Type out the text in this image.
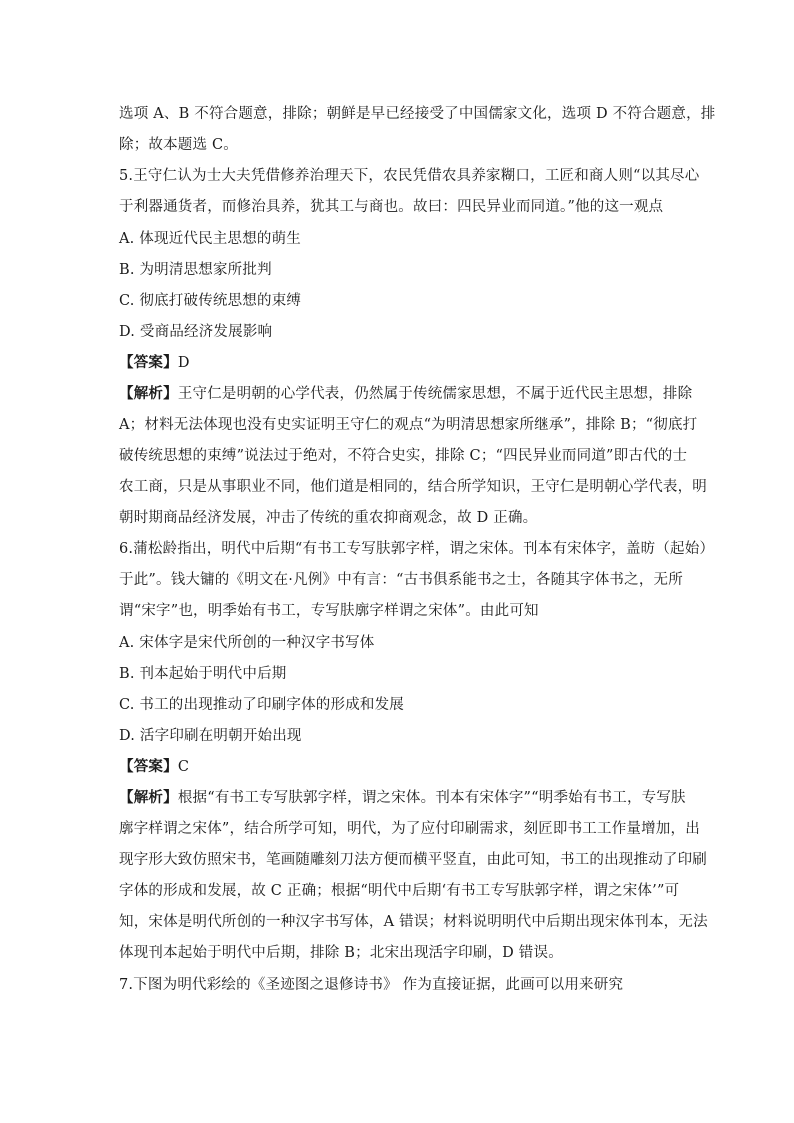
选项 A、B 不符合题意，排除；朝鲜是早已经接受了中国儒家文化，选项 D 不符合题意，排
除；故本题选 C。
5.王守仁认为士大夫凭借修养治理天下，农民凭借农具养家糊口，工匠和商人则“以其尽心
于利器通货者，而修治具养，犹其工与商也。故曰：四民异业而同道。”他的这一观点
A. 体现近代民主思想的萌生
B. 为明清思想家所批判
C. 彻底打破传统思想的束缚
D. 受商品经济发展影响
【答案】D
【解析】王守仁是明朝的心学代表，仍然属于传统儒家思想，不属于近代民主思想，排除
A；材料无法体现也没有史实证明王守仁的观点“为明清思想家所继承”，排除 B；“彻底打
破传统思想的束缚”说法过于绝对，不符合史实，排除 C；“四民异业而同道”即古代的士
农工商，只是从事职业不同，他们道是相同的，结合所学知识，王守仁是明朝心学代表，明
朝时期商品经济发展，冲击了传统的重农抑商观念，故 D 正确。
6.蒲松龄指出，明代中后期“有书工专写肤郭字样，谓之宋体。刊本有宋体字，盖昉（起始）
于此”。钱大镛的《明文在·凡例》中有言：“古书俱系能书之士，各随其字体书之，无所
谓“宋字”也，明季始有书工，专写肤廓字样谓之宋体”。由此可知
A. 宋体字是宋代所创的一种汉字书写体
B. 刊本起始于明代中后期
C. 书工的出现推动了印刷字体的形成和发展
D. 活字印刷在明朝开始出现
【答案】C
【解析】根据“有书工专写肤郭字样，谓之宋体。刊本有宋体字”“明季始有书工，专写肤
廓字样谓之宋体”，结合所学可知，明代，为了应付印刷需求，刻匠即书工工作量增加，出
现字形大致仿照宋书，笔画随雕刻刀法方便而横平竖直，由此可知，书工的出现推动了印刷
字体的形成和发展，故 C 正确；根据“明代中后期‘有书工专写肤郭字样，谓之宋体’”可
知，宋体是明代所创的一种汉字书写体，A 错误；材料说明明代中后期出现宋体刊本，无法
体现刊本起始于明代中后期，排除 B；北宋出现活字印刷，D 错误。
7.下图为明代彩绘的《圣迹图之退修诗书》 作为直接证据，此画可以用来研究
